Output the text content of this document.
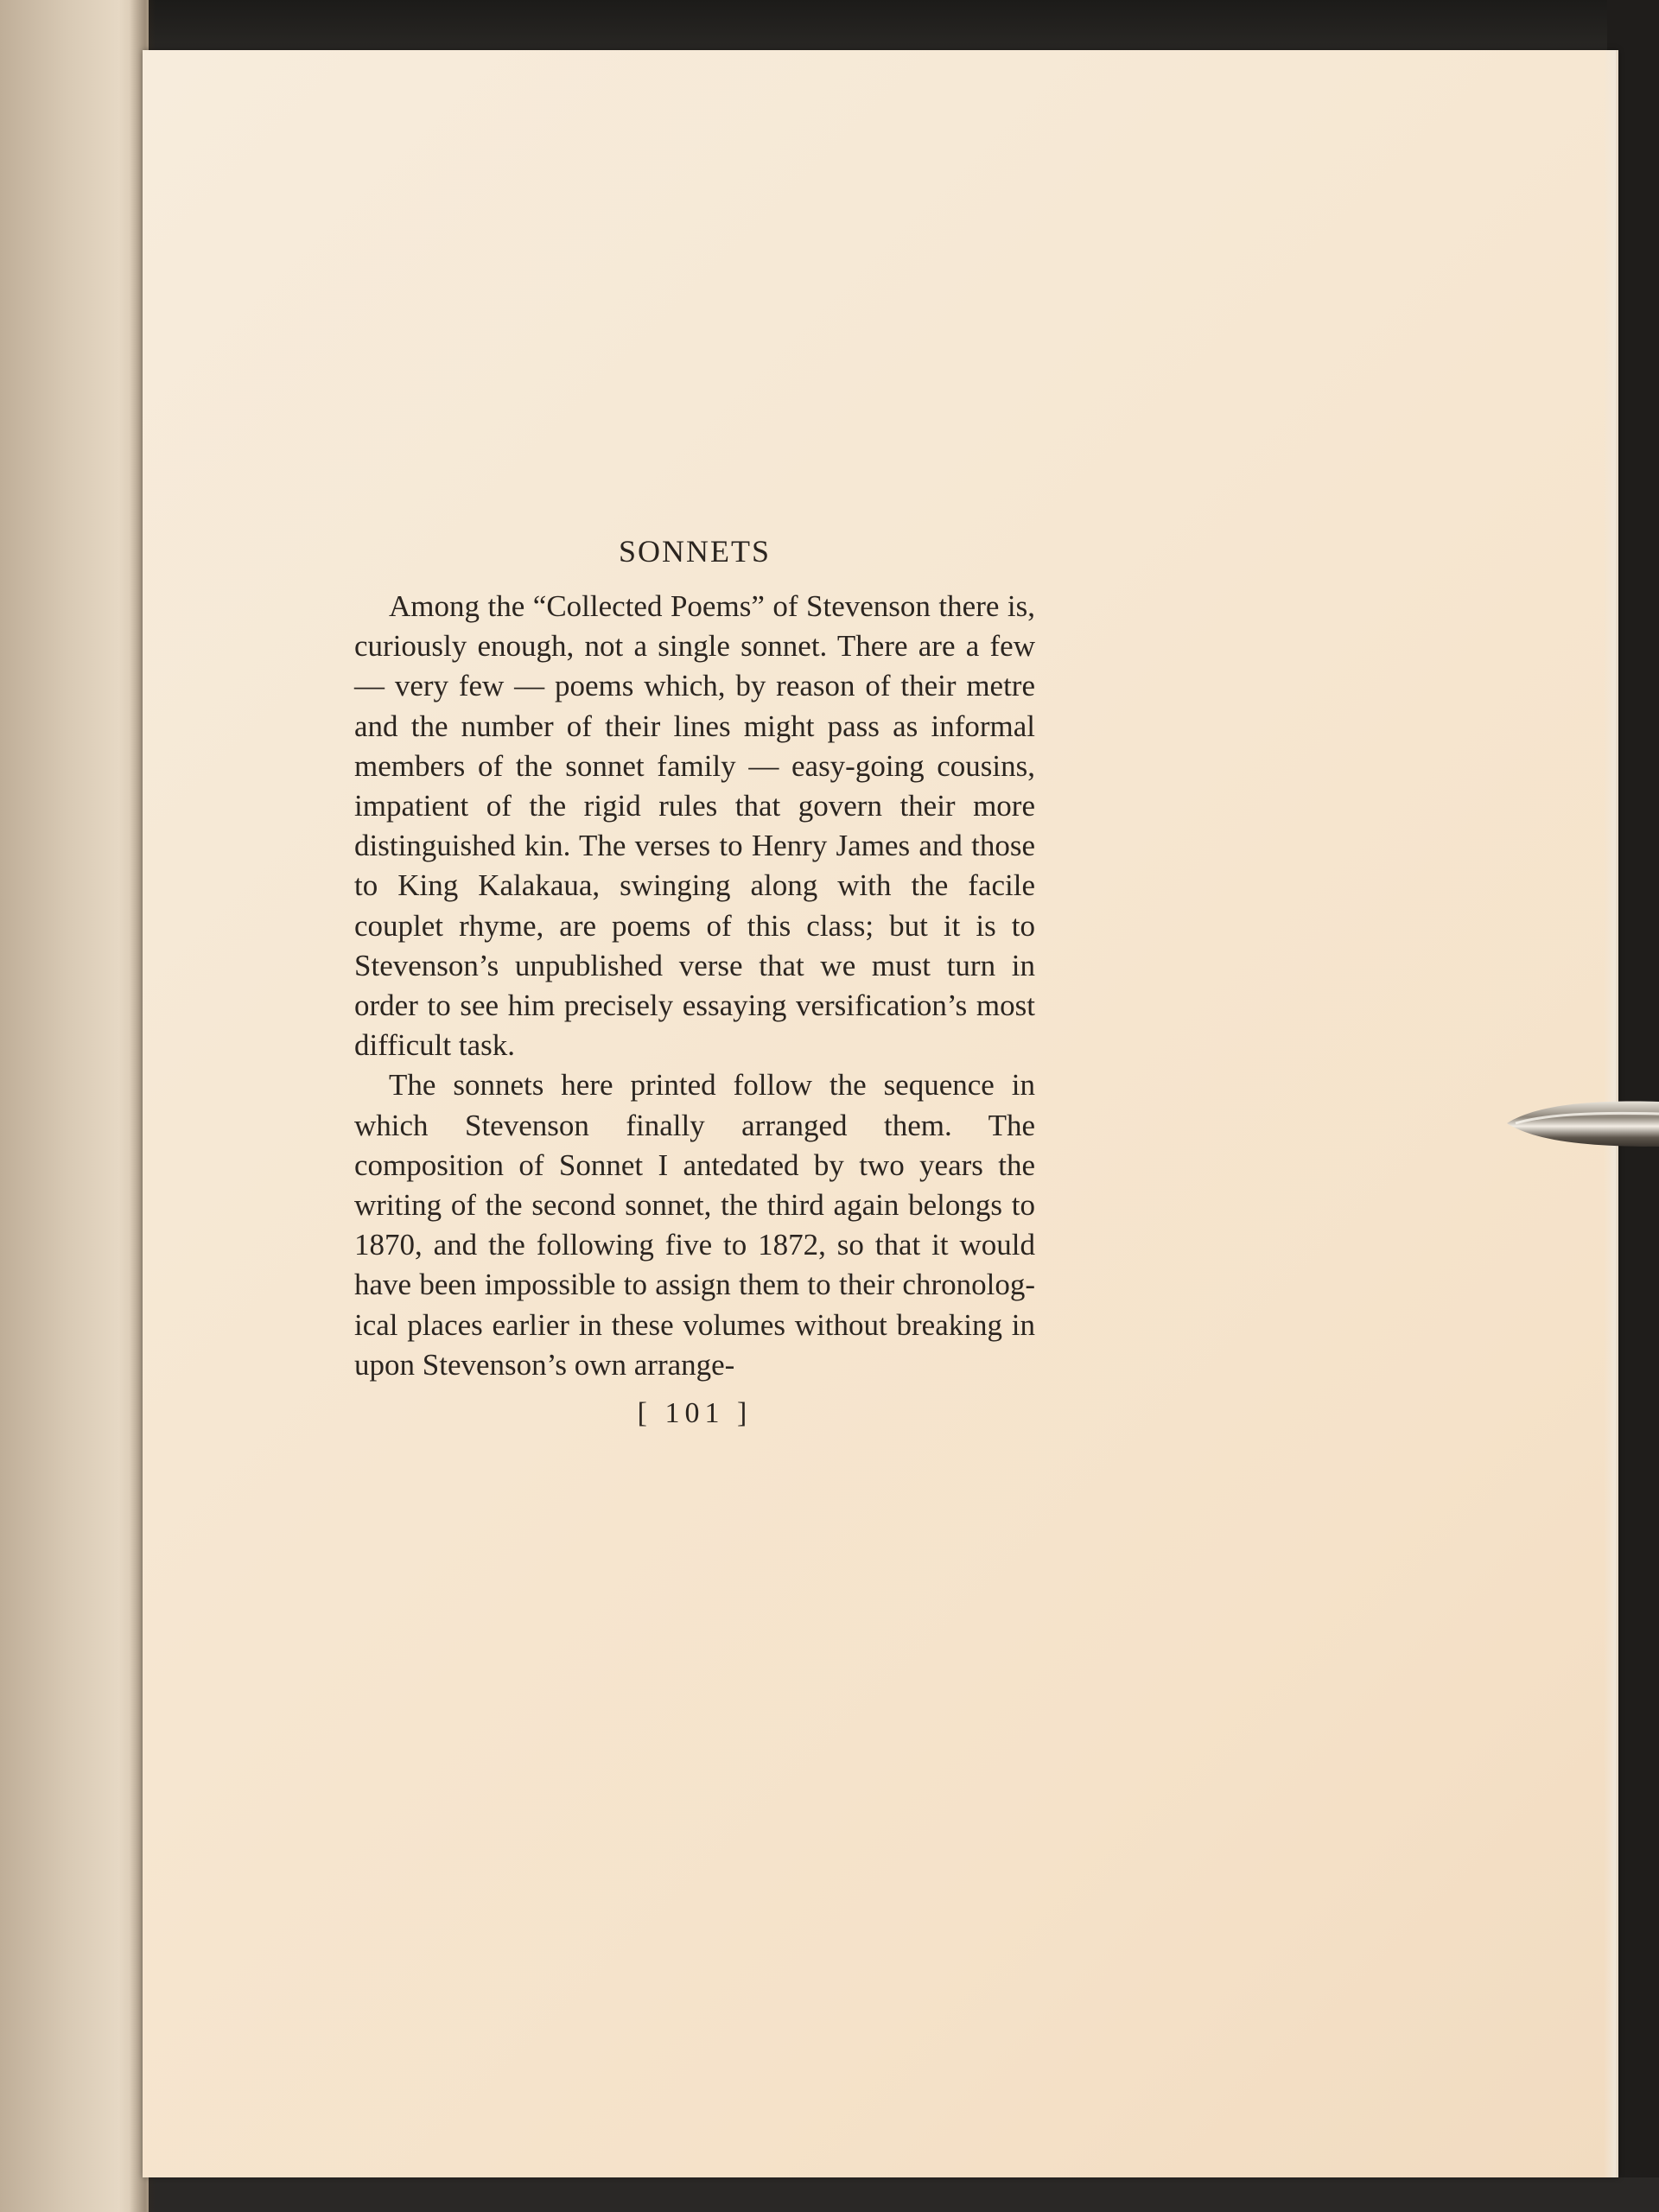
SONNETS

Among the “Collected Poems” of Stevenson there is, curiously enough, not a single sonnet. There are a few — very few — poems which, by reason of their metre and the number of their lines might pass as informal members of the sonnet family — easy-going cousins, impatient of the rigid rules that govern their more distinguished kin. The verses to Henry James and those to King Kalakaua, swinging along with the facile couplet rhyme, are poems of this class; but it is to Stevenson’s unpublished verse that we must turn in order to see him precisely essaying versification’s most difficult task.

The sonnets here printed follow the sequence in which Stevenson finally arranged them. The composition of Sonnet I antedated by two years the writing of the second sonnet, the third again belongs to 1870, and the following five to 1872, so that it would have been impossible to assign them to their chronological places earlier in these volumes without breaking in upon Stevenson’s own arrange-

[ 101 ]
